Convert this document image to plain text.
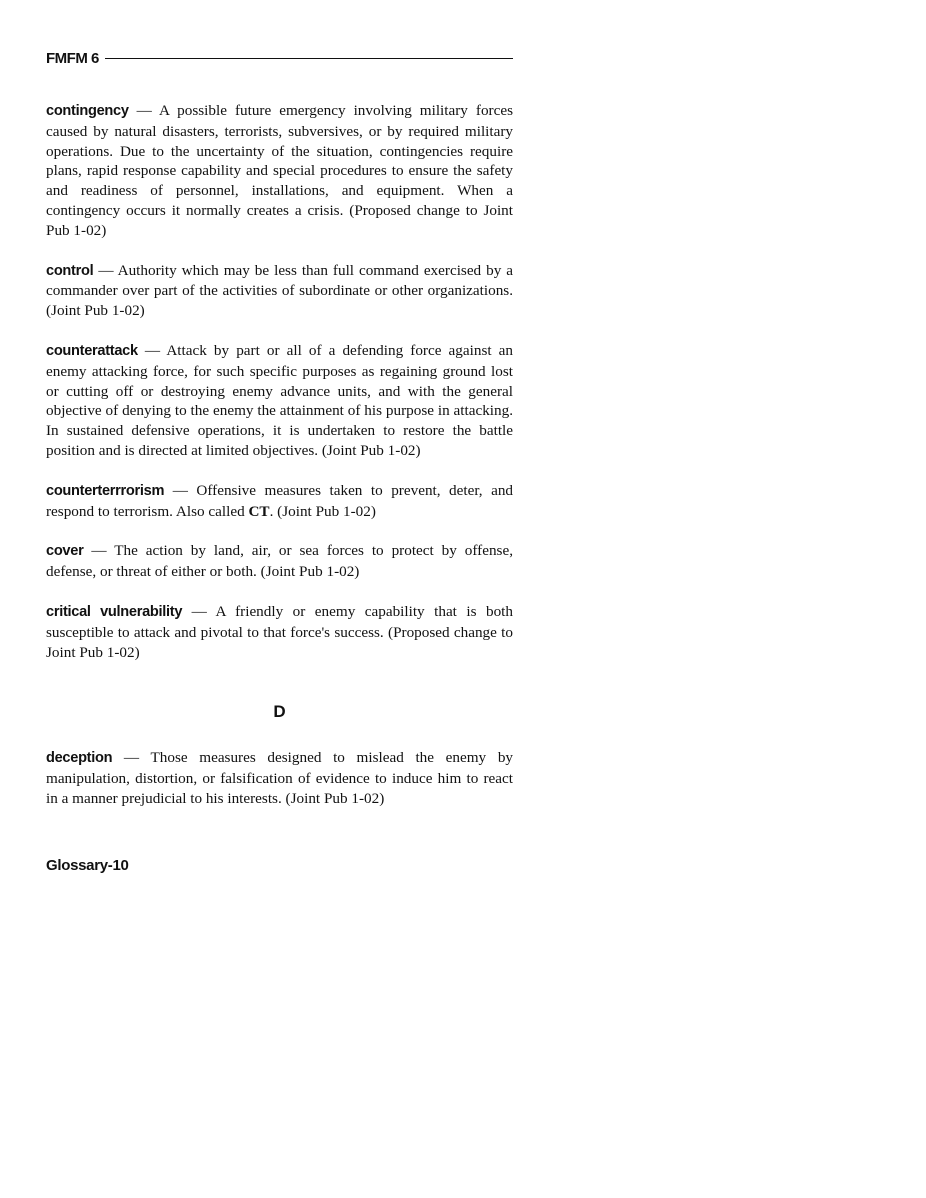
FMFM 6

contingency — A possible future emergency involving military forces caused by natural disasters, terrorists, subversives, or by required military operations. Due to the uncertainty of the situation, contingencies require plans, rapid response capability and special procedures to ensure the safety and readiness of personnel, installations, and equipment. When a contingency occurs it normally creates a crisis. (Proposed change to Joint Pub 1-02)

control — Authority which may be less than full command exercised by a commander over part of the activities of subordinate or other organizations. (Joint Pub 1-02)

counterattack — Attack by part or all of a defending force against an enemy attacking force, for such specific purposes as regaining ground lost or cutting off or destroying enemy advance units, and with the general objective of denying to the enemy the attainment of his purpose in attacking. In sustained defensive operations, it is undertaken to restore the battle position and is directed at limited objectives. (Joint Pub 1-02)

counterterrrorism — Offensive measures taken to prevent, deter, and respond to terrorism. Also called CT. (Joint Pub 1-02)

cover — The action by land, air, or sea forces to protect by offense, defense, or threat of either or both. (Joint Pub 1-02)

critical vulnerability — A friendly or enemy capability that is both susceptible to attack and pivotal to that force's success. (Proposed change to Joint Pub 1-02)

D

deception — Those measures designed to mislead the enemy by manipulation, distortion, or falsification of evidence to induce him to react in a manner prejudicial to his interests. (Joint Pub 1-02)

Glossary-10
